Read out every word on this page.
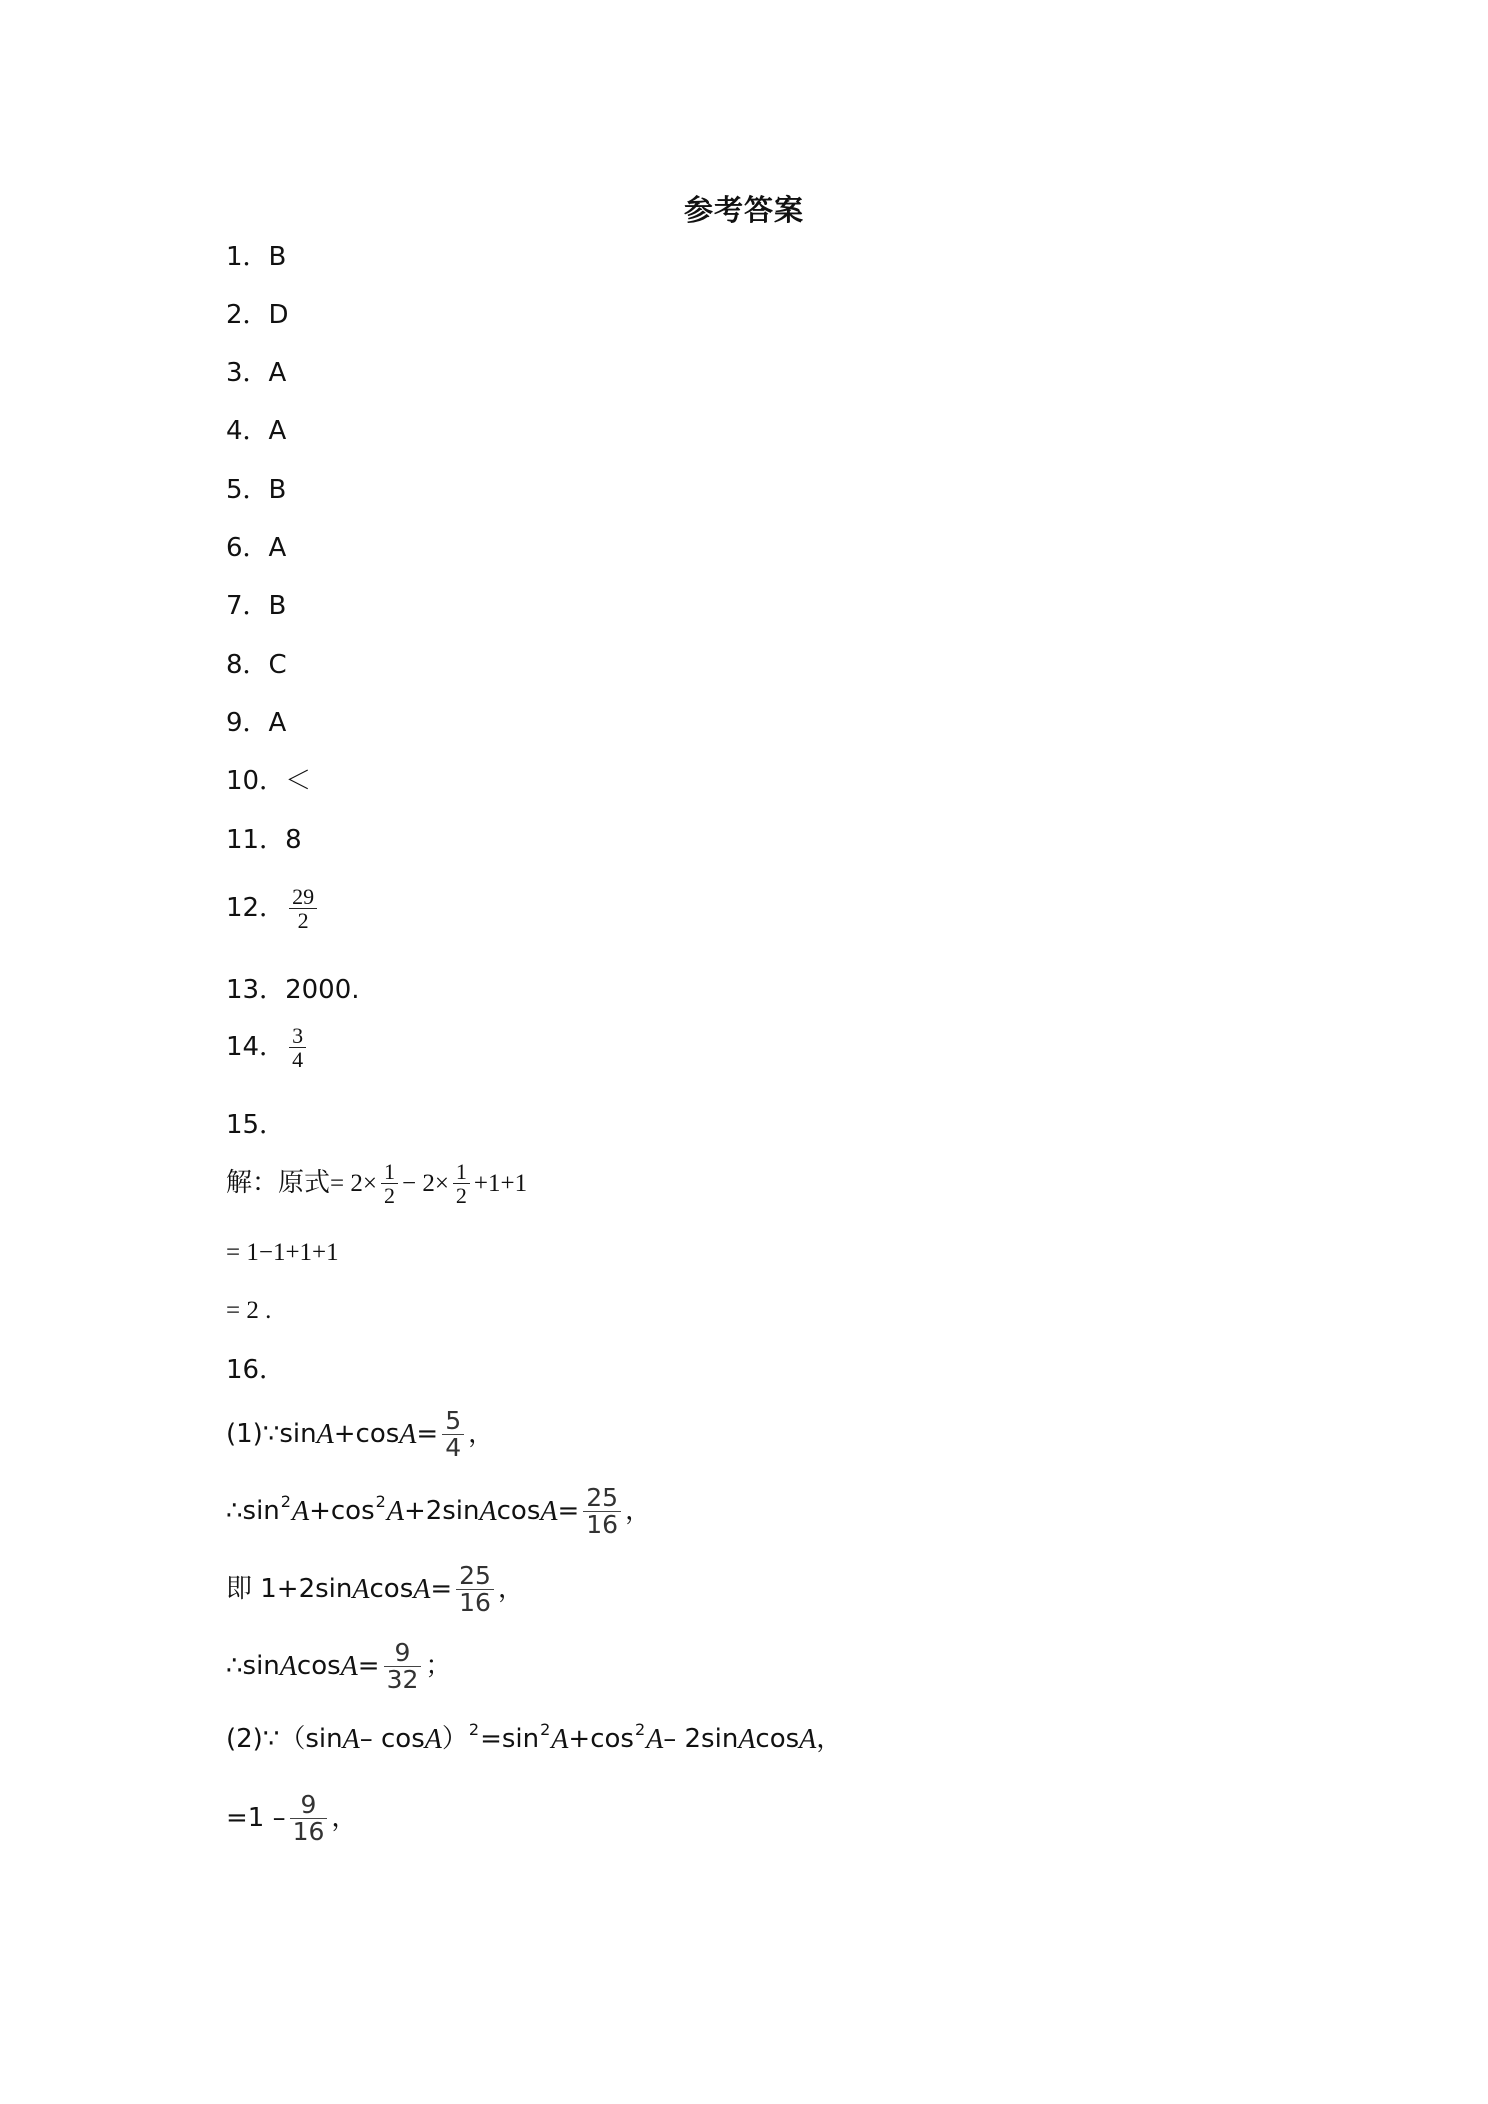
参考答案
1． B
2． D
3． A
4． A
5． B
6． A
7． B
8． C
9． A
10． ＜
11． 8
12． $\frac{29}{2}$
13． 2000.
14． $\frac{3}{4}$
15．
解：原式 = $2\times \frac{1}{2} - 2\times \frac{1}{2} +1+1$
= 1−1+1+1
= 2 .
16．
(1)∵sin A +cos $A = \frac{5}{4}$ ，
∴sin 2 A +cos 2 A +2sin A $\cos A = \frac{25}{16}$ ，
即 1+2sin A $\cos A = \frac{25}{16}$ ，
∴sin A $\cos A = \frac{9}{32}$ ；
(2)∵（sin A – cos A ） 2 =sin 2 A +cos 2 A – 2sin A cos A ，
$=1 - \frac{9}{16}$ ，
